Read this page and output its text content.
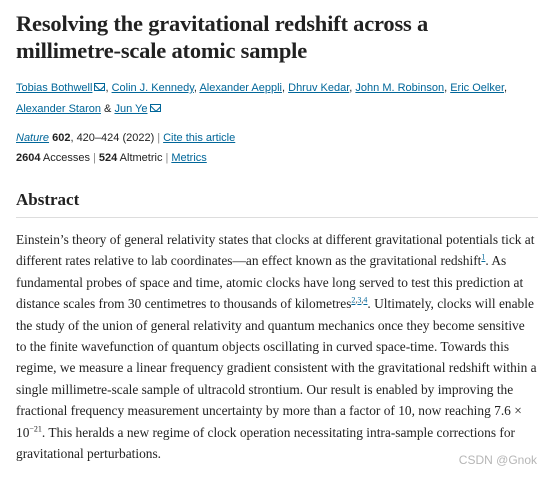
Resolving the gravitational redshift across a millimetre-scale atomic sample
Tobias Bothwell , Colin J. Kennedy, Alexander Aeppli, Dhruv Kedar, John M. Robinson, Eric Oelker, Alexander Staron & Jun Ye
Nature 602, 420–424 (2022) | Cite this article
2604 Accesses | 524 Altmetric | Metrics
Abstract

Einstein’s theory of general relativity states that clocks at different gravitational potentials tick at different rates relative to lab coordinates—an effect known as the gravitational redshift$^1$. As fundamental probes of space and time, atomic clocks have long served to test this prediction at distance scales from 30 centimetres to thousands of kilometres$^{2,3,4}$. Ultimately, clocks will enable the study of the union of general relativity and quantum mechanics once they become sensitive to the finite wavefunction of quantum objects oscillating in curved space-time. Towards this regime, we measure a linear frequency gradient consistent with the gravitational redshift within a single millimetre-scale sample of ultracold strontium. Our result is enabled by improving the fractional frequency measurement uncertainty by more than a factor of 10, now reaching $7.6 \times 10^{-21}$. This heralds a new regime of clock operation necessitating intra-sample corrections for gravitational perturbations.	CSDN @Gnok
